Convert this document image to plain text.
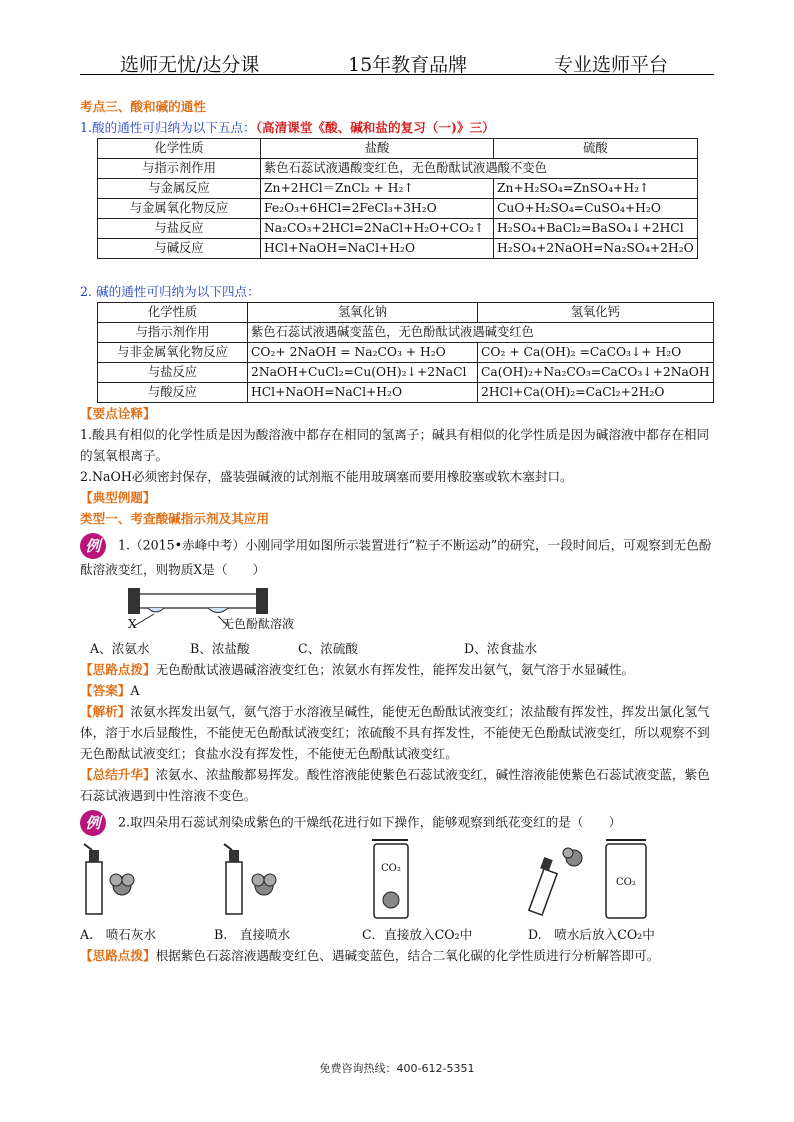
选师无忧/达分课	15年教育品牌	专业选师平台

考点三、酸和碱的通性

1.酸的通性可归纳为以下五点：（高清课堂《酸、碱和盐的复习（一)》三）

化学性质	盐酸	硫酸
与指示剂作用	紫色石蕊试液遇酸变红色，无色酚酞试液遇酸不变色	
与金属反应	Zn+2HCl＝ZnCl₂ + H₂↑	Zn+H₂SO₄=ZnSO₄+H₂↑
与金属氧化物反应	Fe₂O₃+6HCl=2FeCl₃+3H₂O	CuO+H₂SO₄=CuSO₄+H₂O
与盐反应	Na₂CO₃+2HCl=2NaCl+H₂O+CO₂↑	H₂SO₄+BaCl₂=BaSO₄↓+2HCl
与碱反应	HCl+NaOH=NaCl+H₂O	H₂SO₄+2NaOH=Na₂SO₄+2H₂O

2. 碱的通性可归纳为以下四点：

化学性质	氢氧化钠	氢氧化钙
与指示剂作用	紫色石蕊试液遇碱变蓝色，无色酚酞试液遇碱变红色	
与非金属氧化物反应	CO₂+ 2NaOH = Na₂CO₃ + H₂O	CO₂ + Ca(OH)₂ =CaCO₃↓+ H₂O
与盐反应	2NaOH+CuCl₂=Cu(OH)₂↓+2NaCl	Ca(OH)₂+Na₂CO₃=CaCO₃↓+2NaOH
与酸反应	HCl+NaOH=NaCl+H₂O	2HCl+Ca(OH)₂=CaCl₂+2H₂O

【要点诠释】

1.酸具有相似的化学性质是因为酸溶液中都存在相同的氢离子；碱具有相似的化学性质是因为碱溶液中都存在相同的氢氧根离子。

2.NaOH必须密封保存，盛装强碱液的试剂瓶不能用玻璃塞而要用橡胶塞或软木塞封口。

【典型例题】

类型一、考查酸碱指示剂及其应用

例 1.（2015•赤峰中考）小刚同学用如图所示装置进行“粒子不断运动”的研究，一段时间后，可观察到无色酚酞溶液变红，则物质X是（　　）

X	无色酚酞溶液
A、浓氨水	B、浓盐酸	C、浓硫酸	D、浓食盐水

【思路点拨】无色酚酞试液遇碱溶液变红色；浓氨水有挥发性，能挥发出氨气，氨气溶于水显碱性。

【答案】A

【解析】浓氨水挥发出氨气，氨气溶于水溶液呈碱性，能使无色酚酞试液变红；浓盐酸有挥发性，挥发出氯化氢气体，溶于水后显酸性，不能使无色酚酞试液变红；浓硫酸不具有挥发性，不能使无色酚酞试液变红，所以观察不到无色酚酞试液变红；食盐水没有挥发性，不能使无色酚酞试液变红。

【总结升华】浓氨水、浓盐酸都易挥发。酸性溶液能使紫色石蕊试液变红，碱性溶液能使紫色石蕊试液变蓝，紫色石蕊试液遇到中性溶液不变色。

例 2.取四朵用石蕊试剂染成紫色的干燥纸花进行如下操作，能够观察到纸花变红的是（　　）

CO₂
CO₂
A.　喷石灰水	B.　直接喷水	C．直接放入CO₂中	D.　喷水后放入CO₂中

【思路点拨】根据紫色石蕊溶液遇酸变红色、遇碱变蓝色，结合二氧化碳的化学性质进行分析解答即可。

免费咨询热线：400-612-5351
